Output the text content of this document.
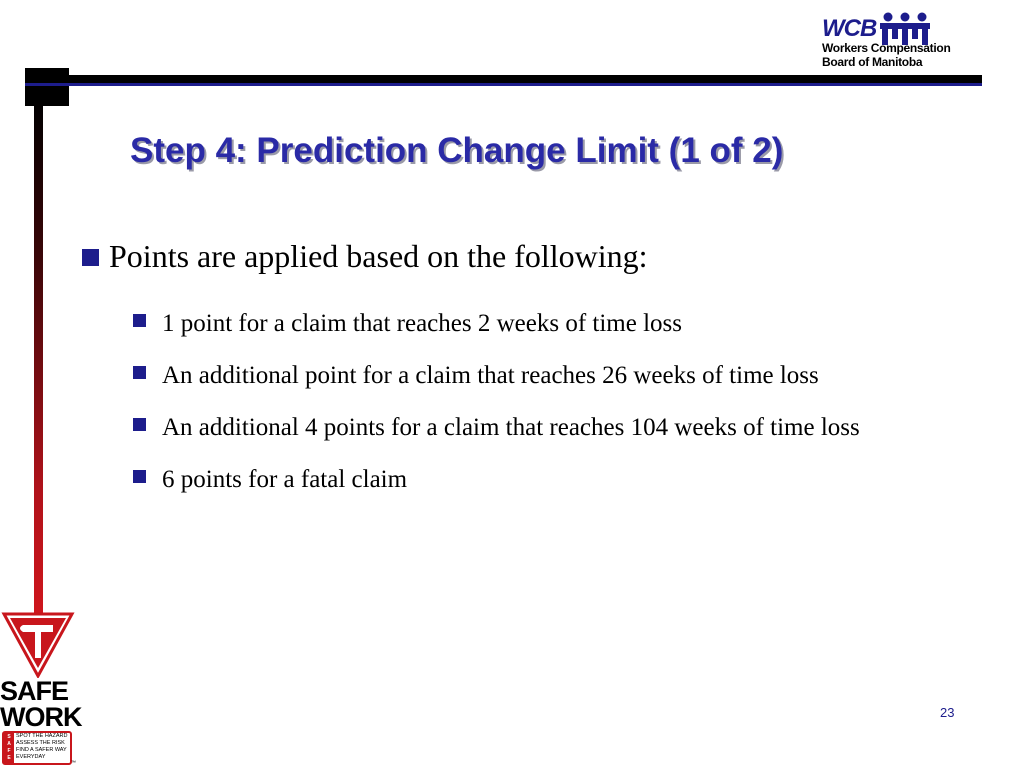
WCB
Workers Compensation
Board of Manitoba
Step 4: Prediction Change Limit (1 of 2)
Points are applied based on the following:
1 point for a claim that reaches 2 weeks of time loss
An additional point for a claim that reaches 26 weeks of time loss
An additional 4 points for a claim that reaches 104 weeks of time loss
6 points for a fatal claim
SAFE
WORK
S
A
F
E
SPOT THE HAZARD
ASSESS THE RISK
FIND A SAFER WAY
EVERYDAY
™
23
